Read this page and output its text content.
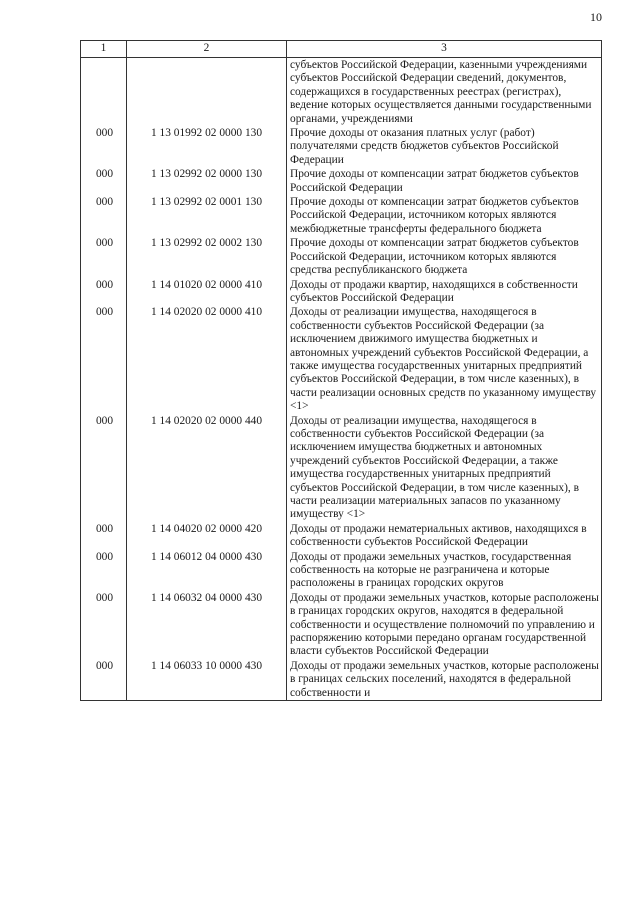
10
1	2	3
		субъектов Российской Федерации, казенными учреждениями субъектов Российской Федерации сведений, документов, содержащихся в государственных реестрах (регистрах), ведение которых осуществляется данными государственными органами, учреждениями
000	1 13 01992 02 0000 130	Прочие доходы от оказания платных услуг (работ) получателями средств бюджетов субъектов Российской Федерации
000	1 13 02992 02 0000 130	Прочие доходы от компенсации затрат бюджетов субъектов Российской Федерации
000	1 13 02992 02 0001 130	Прочие доходы от компенсации затрат бюджетов субъектов Российской Федерации, источником которых являются межбюджетные трансферты федерального бюджета
000	1 13 02992 02 0002 130	Прочие доходы от компенсации затрат бюджетов субъектов Российской Федерации, источником которых являются средства республиканского бюджета
000	1 14 01020 02 0000 410	Доходы от продажи квартир, находящихся в собственности субъектов Российской Федерации
000	1 14 02020 02 0000 410	Доходы от реализации имущества, находящегося в собственности субъектов Российской Федерации (за исключением движимого имущества бюджетных и автономных учреждений субъектов Российской Федерации, а также имущества государственных унитарных предприятий субъектов Российской Федерации, в том числе казенных), в части реализации основных средств по указанному имуществу <1>
000	1 14 02020 02 0000 440	Доходы от реализации имущества, находящегося в собственности субъектов Российской Федерации (за исключением имущества бюджетных и автономных учреждений субъектов Российской Федерации, а также имущества государственных унитарных предприятий субъектов Российской Федерации, в том числе казенных), в части реализации материальных запасов по указанному имуществу <1>
000	1 14 04020 02 0000 420	Доходы от продажи нематериальных активов, находящихся в собственности субъектов Российской Федерации
000	1 14 06012 04 0000 430	Доходы от продажи земельных участков, государственная собственность на которые не разграничена и которые расположены в границах городских округов
000	1 14 06032 04 0000 430	Доходы от продажи земельных участков, которые расположены в границах городских округов, находятся в федеральной собственности и осуществление полномочий по управлению и распоряжению которыми передано органам государственной власти субъектов Российской Федерации
000	1 14 06033 10 0000 430	Доходы от продажи земельных участков, которые расположены в границах сельских поселений, находятся в федеральной собственности и
